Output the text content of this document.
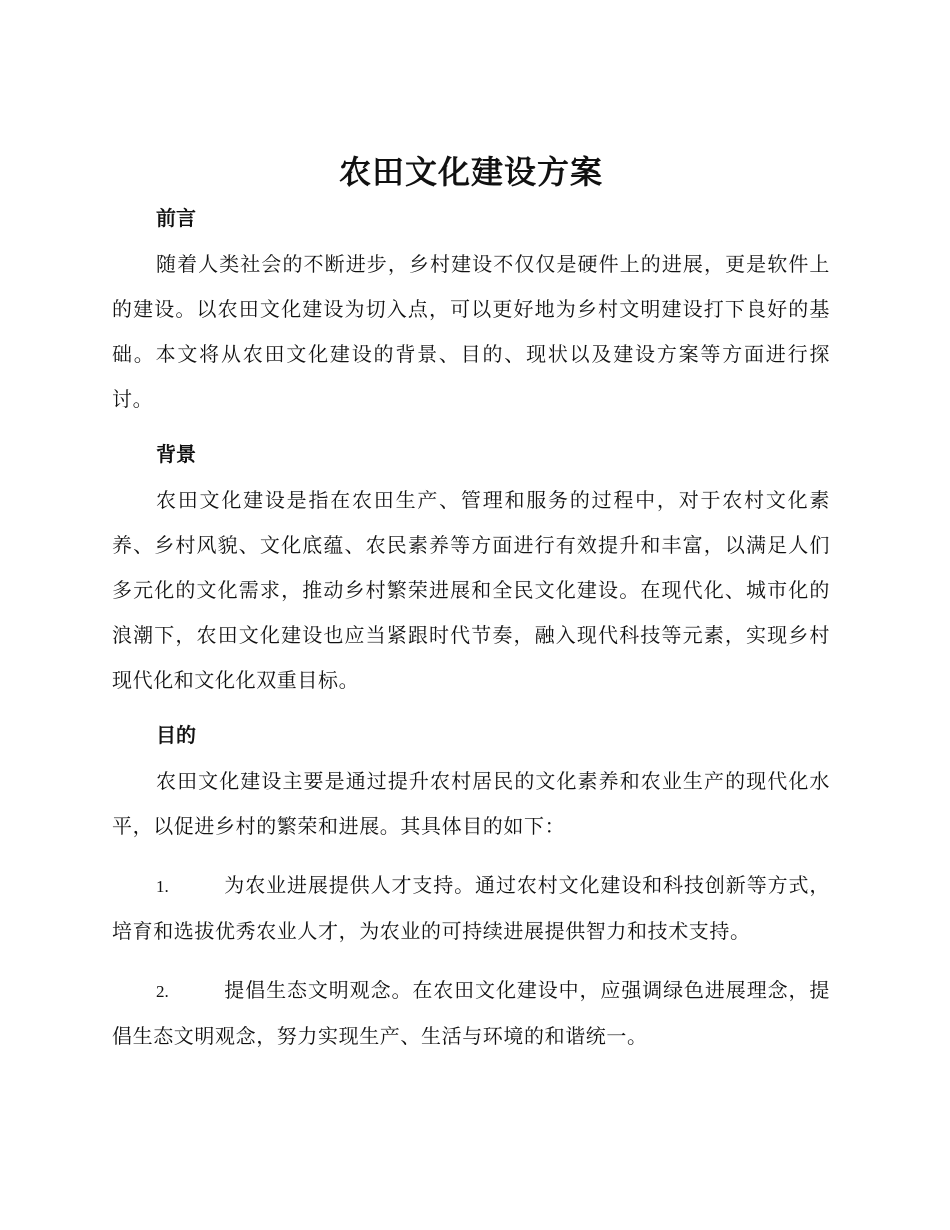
农田文化建设方案
前言

随着人类社会的不断进步，乡村建设不仅仅是硬件上的进展，更是软件上的建设。以农田文化建设为切入点，可以更好地为乡村文明建设打下良好的基础。本文将从农田文化建设的背景、目的、现状以及建设方案等方面进行探讨。

背景

农田文化建设是指在农田生产、管理和服务的过程中，对于农村文化素养、乡村风貌、文化底蕴、农民素养等方面进行有效提升和丰富，以满足人们多元化的文化需求，推动乡村繁荣进展和全民文化建设。在现代化、城市化的浪潮下，农田文化建设也应当紧跟时代节奏，融入现代科技等元素，实现乡村现代化和文化化双重目标。

目的

农田文化建设主要是通过提升农村居民的文化素养和农业生产的现代化水平，以促进乡村的繁荣和进展。其具体目的如下：

1.	为农业进展提供人才支持。通过农村文化建设和科技创新等方式，培育和选拔优秀农业人才，为农业的可持续进展提供智力和技术支持。

2.	提倡生态文明观念。在农田文化建设中，应强调绿色进展理念，提倡生态文明观念，努力实现生产、生活与环境的和谐统一。
